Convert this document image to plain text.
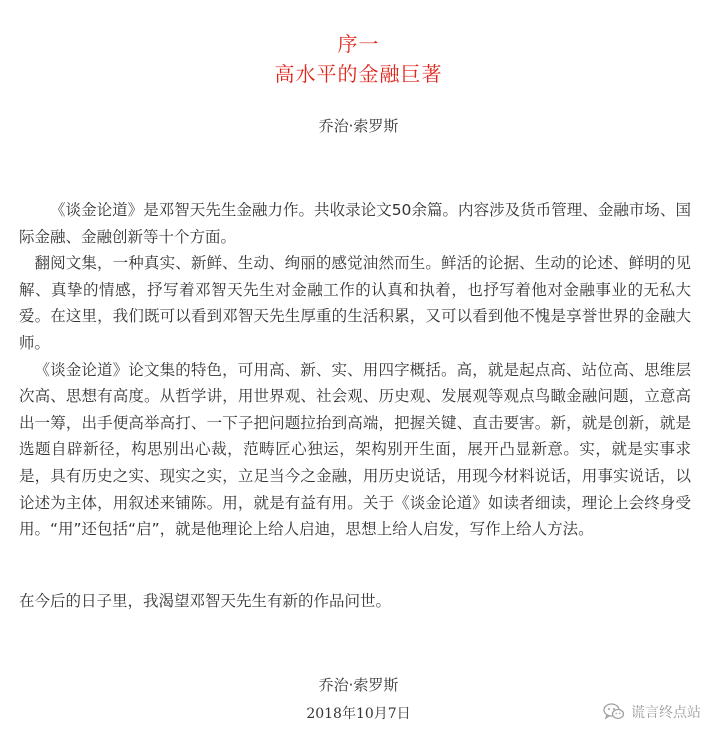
序一
高水平的金融巨著
乔治·索罗斯

《谈金论道》是邓智天先生金融力作。共收录论文50余篇。内容涉及货币管理、金融市场、国际金融、金融创新等十个方面。

翻阅文集，一种真实、新鲜、生动、绚丽的感觉油然而生。鲜活的论据、生动的论述、鲜明的见解、真挚的情感，抒写着邓智天先生对金融工作的认真和执着，也抒写着他对金融事业的无私大爱。在这里，我们既可以看到邓智天先生厚重的生活积累，又可以看到他不愧是享誉世界的金融大师。

《谈金论道》论文集的特色，可用高、新、实、用四字概括。高，就是起点高、站位高、思维层次高、思想有高度。从哲学讲，用世界观、社会观、历史观、发展观等观点鸟瞰金融问题，立意高出一筹，出手便高举高打、一下子把问题拉抬到高端，把握关键、直击要害。新，就是创新，就是选题自辟新径，构思别出心裁，范畴匠心独运，架构别开生面，展开凸显新意。实，就是实事求是，具有历史之实、现实之实，立足当今之金融，用历史说话，用现今材料说话，用事实说话，以论述为主体，用叙述来铺陈。用，就是有益有用。关于《谈金论道》如读者细读，理论上会终身受用。“用”还包括“启”，就是他理论上给人启迪，思想上给人启发，写作上给人方法。

在今后的日子里，我渴望邓智天先生有新的作品问世。
乔治·索罗斯
2018年10月7日	谎言终点站
